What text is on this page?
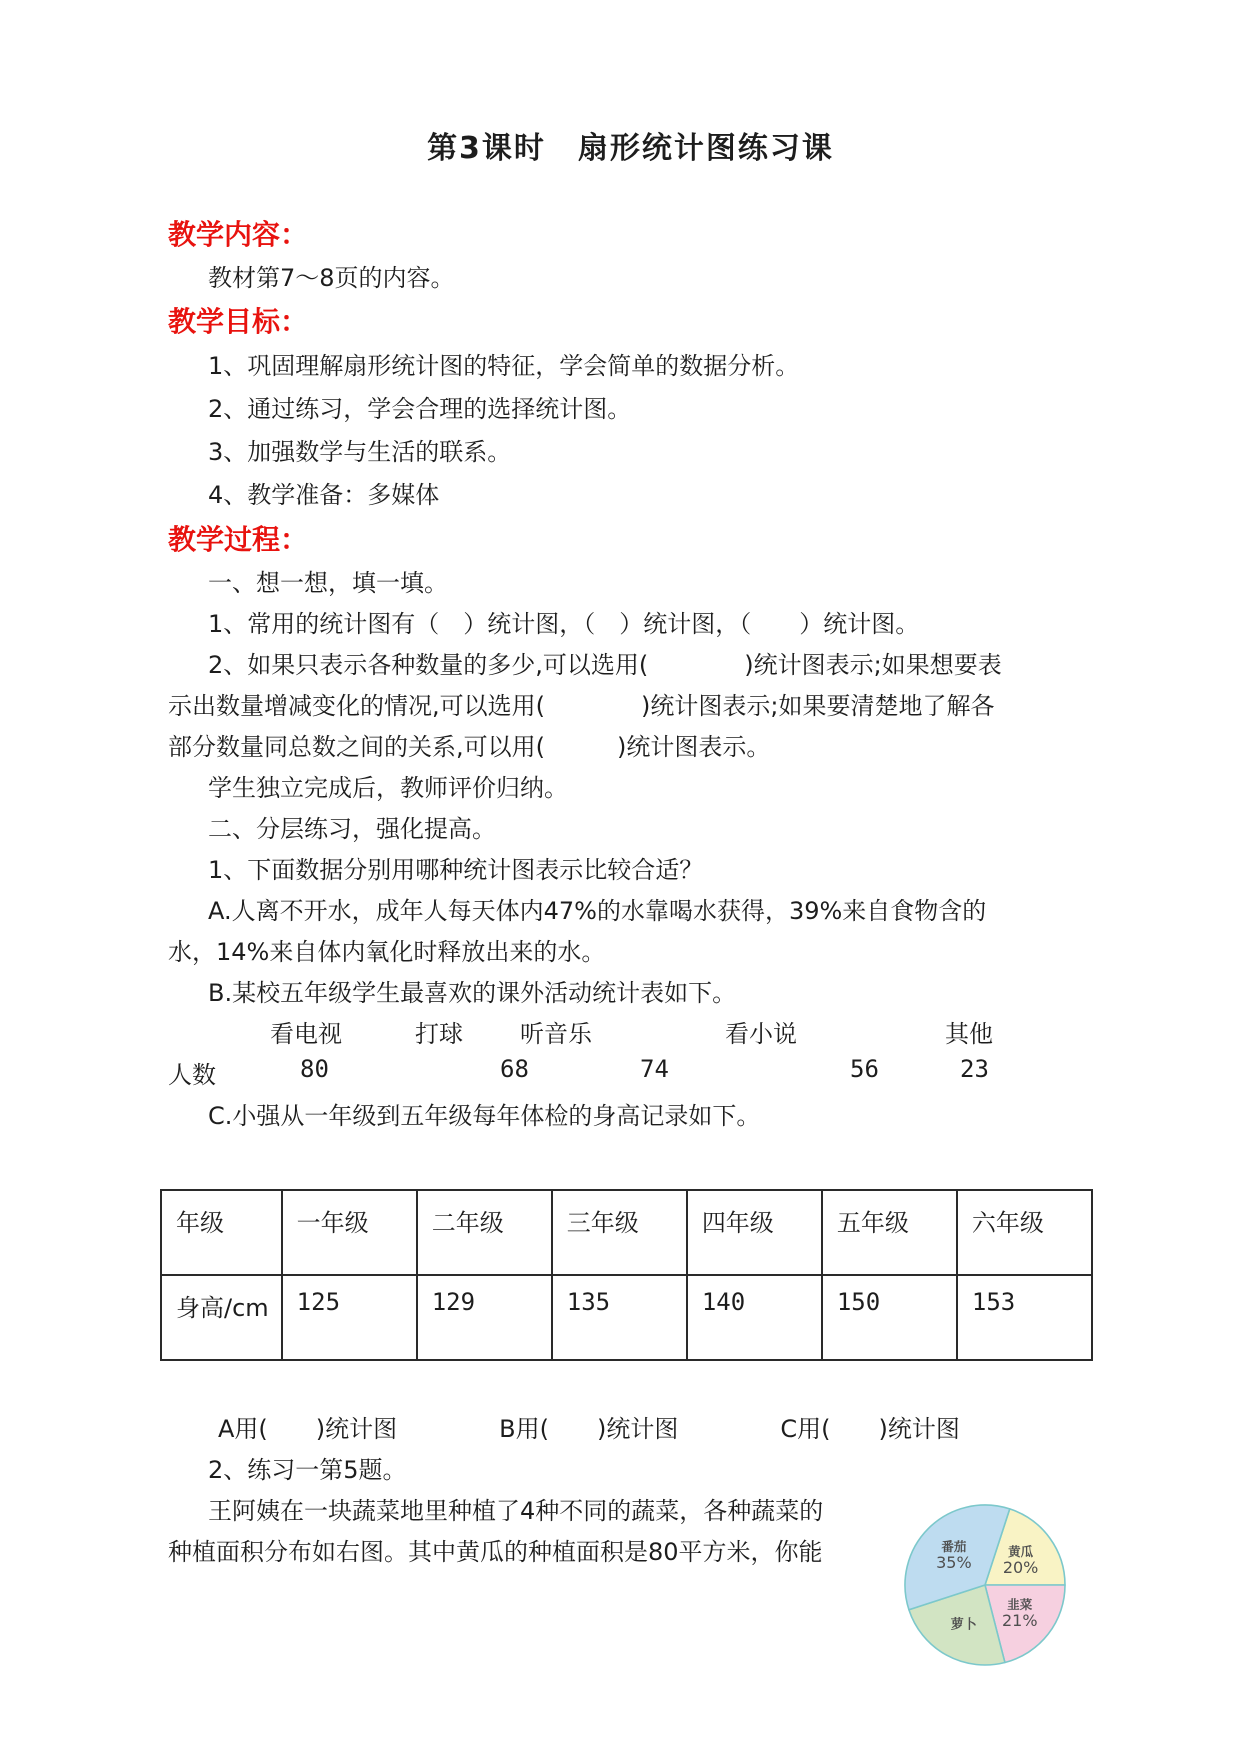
第3课时　扇形统计图练习课
教学内容：
教材第7～8页的内容。
教学目标：
1、巩固理解扇形统计图的特征，学会简单的数据分析。
2、通过练习，学会合理的选择统计图。
3、加强数学与生活的联系。
4、教学准备：多媒体
教学过程：
一、想一想，填一填。
1、常用的统计图有（　）统计图，（　）统计图，（　　）统计图。
2、如果只表示各种数量的多少,可以选用(　　　　)统计图表示;如果想要表
示出数量增减变化的情况,可以选用(　　　　)统计图表示;如果要清楚地了解各
部分数量同总数之间的关系,可以用(　　　)统计图表示。
学生独立完成后，教师评价归纳。
二、分层练习，强化提高。
1、下面数据分别用哪种统计图表示比较合适？
A.人离不开水，成年人每天体内47%的水靠喝水获得，39%来自食物含的
水，14%来自体内氧化时释放出来的水。
B.某校五年级学生最喜欢的课外活动统计表如下。
看电视	打球 听音乐	看小说	其他
人数	80	68	74	56	23
C.小强从一年级到五年级每年体检的身高记录如下。
年级	一年级	二年级	三年级	四年级	五年级	六年级
身高/cm	125	129	135	140	150	153
A用(　　)统计图	B用(　　)统计图	C用(　　)统计图
2、练习一第5题。
王阿姨在一块蔬菜地里种植了4种不同的蔬菜，各种蔬菜的
种植面积分布如右图。其中黄瓜的种植面积是80平方米，你能	黄瓜 20%
韭菜 21%
萝卜
番茄 35%
